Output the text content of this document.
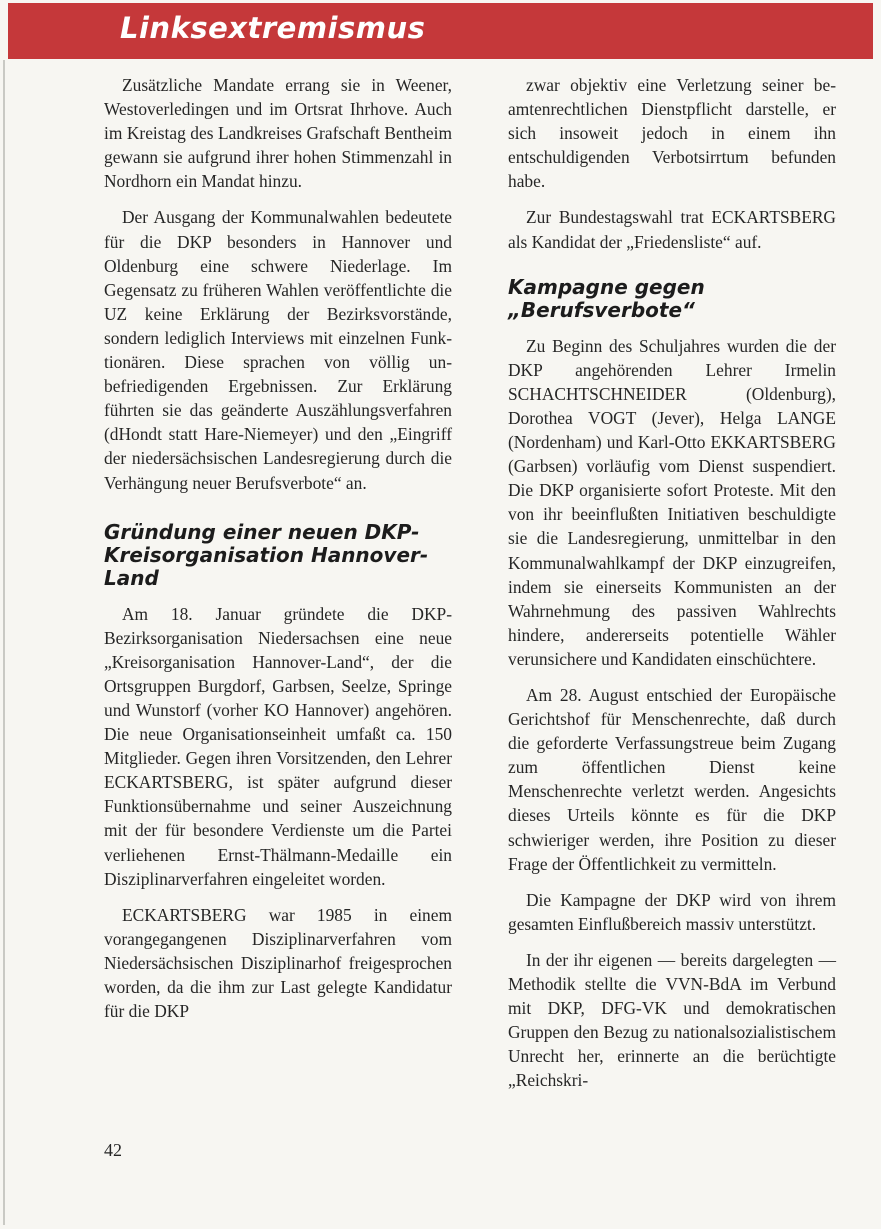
Linksextremismus

Zusätzliche Mandate errang sie in Weener, Westoverledingen und im Ortsrat Ihrhove. Auch im Kreistag des Landkreises Grafschaft Bentheim gewann sie aufgrund ihrer hohen Stimmenzahl in Nordhorn ein Mandat hinzu.

Der Ausgang der Kommunalwahlen bedeutete für die DKP besonders in Hannover und Oldenburg eine schwere Niederlage. Im Gegensatz zu früheren Wahlen veröffentlichte die UZ keine Erklärung der Bezirksvorstände, sondern lediglich Interviews mit einzelnen Funktionären. Diese sprachen von völlig unbefriedigenden Ergebnissen. Zur Erklärung führten sie das geänderte Auszählungsverfahren (dHondt statt Hare-Niemeyer) und den „Eingriff der niedersächsischen Landesregierung durch die Verhängung neuer Berufsverbote“ an.

Gründung einer neuen DKP-Kreisorganisation Hannover-Land

Am 18. Januar gründete die DKP-Bezirksorganisation Niedersachsen eine neue „Kreisorganisation Hannover-Land“, der die Ortsgruppen Burgdorf, Garbsen, Seelze, Springe und Wunstorf (vorher KO Hannover) angehören. Die neue Organisationseinheit umfaßt ca. 150 Mitglieder. Gegen ihren Vorsitzenden, den Lehrer ECKARTSBERG, ist später aufgrund dieser Funktionsübernahme und seiner Auszeichnung mit der für besondere Verdienste um die Partei verliehenen Ernst-Thälmann-Medaille ein Disziplinarverfahren eingeleitet worden.

ECKARTSBERG war 1985 in einem vorangegangenen Disziplinarverfahren vom Niedersächsischen Disziplinarhof freigesprochen worden, da die ihm zur Last gelegte Kandidatur für die DKP

zwar objektiv eine Verletzung seiner beamtenrechtlichen Dienstpflicht darstelle, er sich insoweit jedoch in einem ihn entschuldigenden Verbotsirrtum befunden habe.

Zur Bundestagswahl trat ECKARTSBERG als Kandidat der „Friedensliste“ auf.

Kampagne gegen „Berufsverbote“

Zu Beginn des Schuljahres wurden die der DKP angehörenden Lehrer Irmelin SCHACHTSCHNEIDER (Oldenburg), Dorothea VOGT (Jever), Helga LANGE (Nordenham) und Karl-Otto EKKARTSBERG (Garbsen) vorläufig vom Dienst suspendiert. Die DKP organisierte sofort Proteste. Mit den von ihr beeinflußten Initiativen beschuldigte sie die Landesregierung, unmittelbar in den Kommunalwahlkampf der DKP einzugreifen, indem sie einerseits Kommunisten an der Wahrnehmung des passiven Wahlrechts hindere, andererseits potentielle Wähler verunsichere und Kandidaten einschüchtere.

Am 28. August entschied der Europäische Gerichtshof für Menschenrechte, daß durch die geforderte Verfassungstreue beim Zugang zum öffentlichen Dienst keine Menschenrechte verletzt werden. Angesichts dieses Urteils könnte es für die DKP schwieriger werden, ihre Position zu dieser Frage der Öffentlichkeit zu vermitteln.

Die Kampagne der DKP wird von ihrem gesamten Einflußbereich massiv unterstützt.

In der ihr eigenen — bereits dargelegten — Methodik stellte die VVN-BdA im Verbund mit DKP, DFG-VK und demokratischen Gruppen den Bezug zu nationalsozialistischem Unrecht her, erinnerte an die berüchtigte „Reichskri-

42
